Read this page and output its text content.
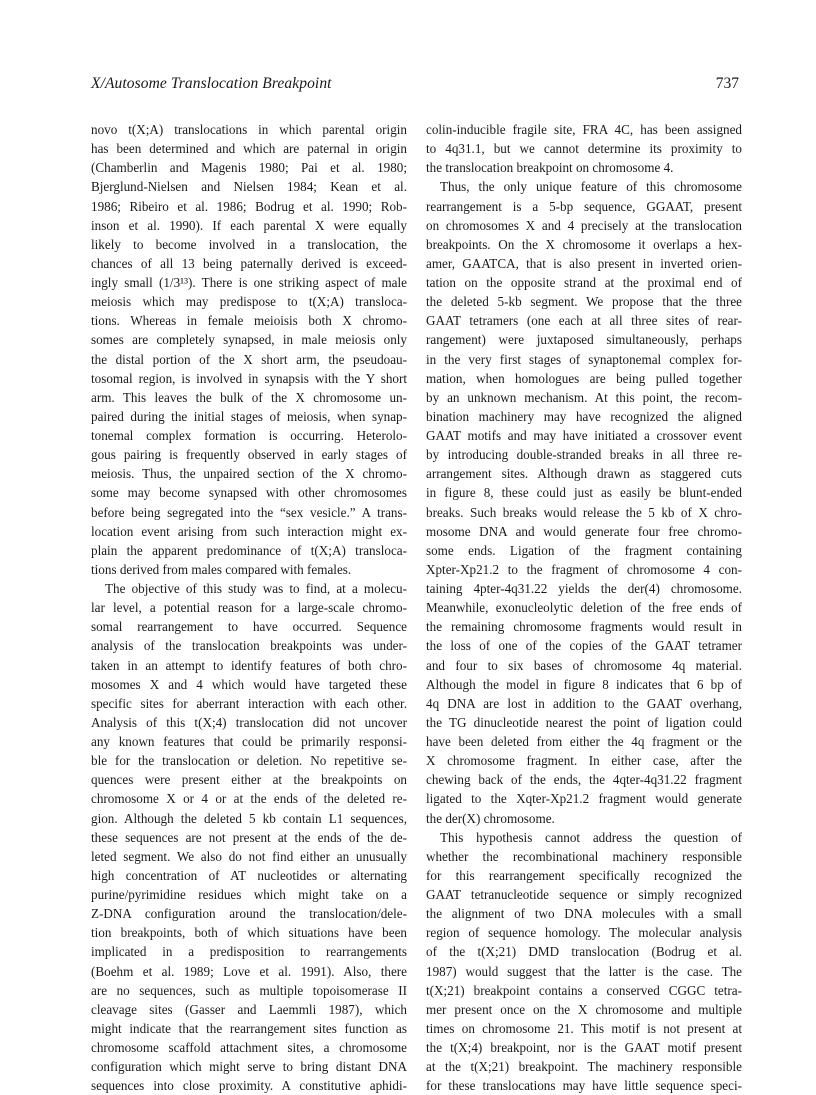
X/Autosome Translocation Breakpoint	737
novo t(X;A) translocations in which parental origin
has been determined and which are paternal in origin
(Chamberlin and Magenis 1980; Pai et al. 1980;
Bjerglund-Nielsen and Nielsen 1984; Kean et al.
1986; Ribeiro et al. 1986; Bodrug et al. 1990; Rob-
inson et al. 1990). If each parental X were equally
likely to become involved in a translocation, the
chances of all 13 being paternally derived is exceed-
ingly small (1/3¹³). There is one striking aspect of male
meiosis which may predispose to t(X;A) transloca-
tions. Whereas in female meioisis both X chromo-
somes are completely synapsed, in male meiosis only
the distal portion of the X short arm, the pseudoau-
tosomal region, is involved in synapsis with the Y short
arm. This leaves the bulk of the X chromosome un-
paired during the initial stages of meiosis, when synap-
tonemal complex formation is occurring. Heterolo-
gous pairing is frequently observed in early stages of
meiosis. Thus, the unpaired section of the X chromo-
some may become synapsed with other chromosomes
before being segregated into the “sex vesicle.” A trans-
location event arising from such interaction might ex-
plain the apparent predominance of t(X;A) transloca-
tions derived from males compared with females.
The objective of this study was to find, at a molecu-
lar level, a potential reason for a large-scale chromo-
somal rearrangement to have occurred. Sequence
analysis of the translocation breakpoints was under-
taken in an attempt to identify features of both chro-
mosomes X and 4 which would have targeted these
specific sites for aberrant interaction with each other.
Analysis of this t(X;4) translocation did not uncover
any known features that could be primarily responsi-
ble for the translocation or deletion. No repetitive se-
quences were present either at the breakpoints on
chromosome X or 4 or at the ends of the deleted re-
gion. Although the deleted 5 kb contain L1 sequences,
these sequences are not present at the ends of the de-
leted segment. We also do not find either an unusually
high concentration of AT nucleotides or alternating
purine/pyrimidine residues which might take on a
Z-DNA configuration around the translocation/dele-
tion breakpoints, both of which situations have been
implicated in a predisposition to rearrangements
(Boehm et al. 1989; Love et al. 1991). Also, there
are no sequences, such as multiple topoisomerase II
cleavage sites (Gasser and Laemmli 1987), which
might indicate that the rearrangement sites function as
chromosome scaffold attachment sites, a chromosome
configuration which might serve to bring distant DNA
sequences into close proximity. A constitutive aphidi-
colin-inducible fragile site, FRA 4C, has been assigned
to 4q31.1, but we cannot determine its proximity to
the translocation breakpoint on chromosome 4.
Thus, the only unique feature of this chromosome
rearrangement is a 5-bp sequence, GGAAT, present
on chromosomes X and 4 precisely at the translocation
breakpoints. On the X chromosome it overlaps a hex-
amer, GAATCA, that is also present in inverted orien-
tation on the opposite strand at the proximal end of
the deleted 5-kb segment. We propose that the three
GAAT tetramers (one each at all three sites of rear-
rangement) were juxtaposed simultaneously, perhaps
in the very first stages of synaptonemal complex for-
mation, when homologues are being pulled together
by an unknown mechanism. At this point, the recom-
bination machinery may have recognized the aligned
GAAT motifs and may have initiated a crossover event
by introducing double-stranded breaks in all three re-
arrangement sites. Although drawn as staggered cuts
in figure 8, these could just as easily be blunt-ended
breaks. Such breaks would release the 5 kb of X chro-
mosome DNA and would generate four free chromo-
some ends. Ligation of the fragment containing
Xpter-Xp21.2 to the fragment of chromosome 4 con-
taining 4pter-4q31.22 yields the der(4) chromosome.
Meanwhile, exonucleolytic deletion of the free ends of
the remaining chromosome fragments would result in
the loss of one of the copies of the GAAT tetramer
and four to six bases of chromosome 4q material.
Although the model in figure 8 indicates that 6 bp of
4q DNA are lost in addition to the GAAT overhang,
the TG dinucleotide nearest the point of ligation could
have been deleted from either the 4q fragment or the
X chromosome fragment. In either case, after the
chewing back of the ends, the 4qter-4q31.22 fragment
ligated to the Xqter-Xp21.2 fragment would generate
the der(X) chromosome.
This hypothesis cannot address the question of
whether the recombinational machinery responsible
for this rearrangement specifically recognized the
GAAT tetranucleotide sequence or simply recognized
the alignment of two DNA molecules with a small
region of sequence homology. The molecular analysis
of the t(X;21) DMD translocation (Bodrug et al.
1987) would suggest that the latter is the case. The
t(X;21) breakpoint contains a conserved CGGC tetra-
mer present once on the X chromosome and multiple
times on chromosome 21. This motif is not present at
the t(X;4) breakpoint, nor is the GAAT motif present
at the t(X;21) breakpoint. The machinery responsible
for these translocations may have little sequence speci-
